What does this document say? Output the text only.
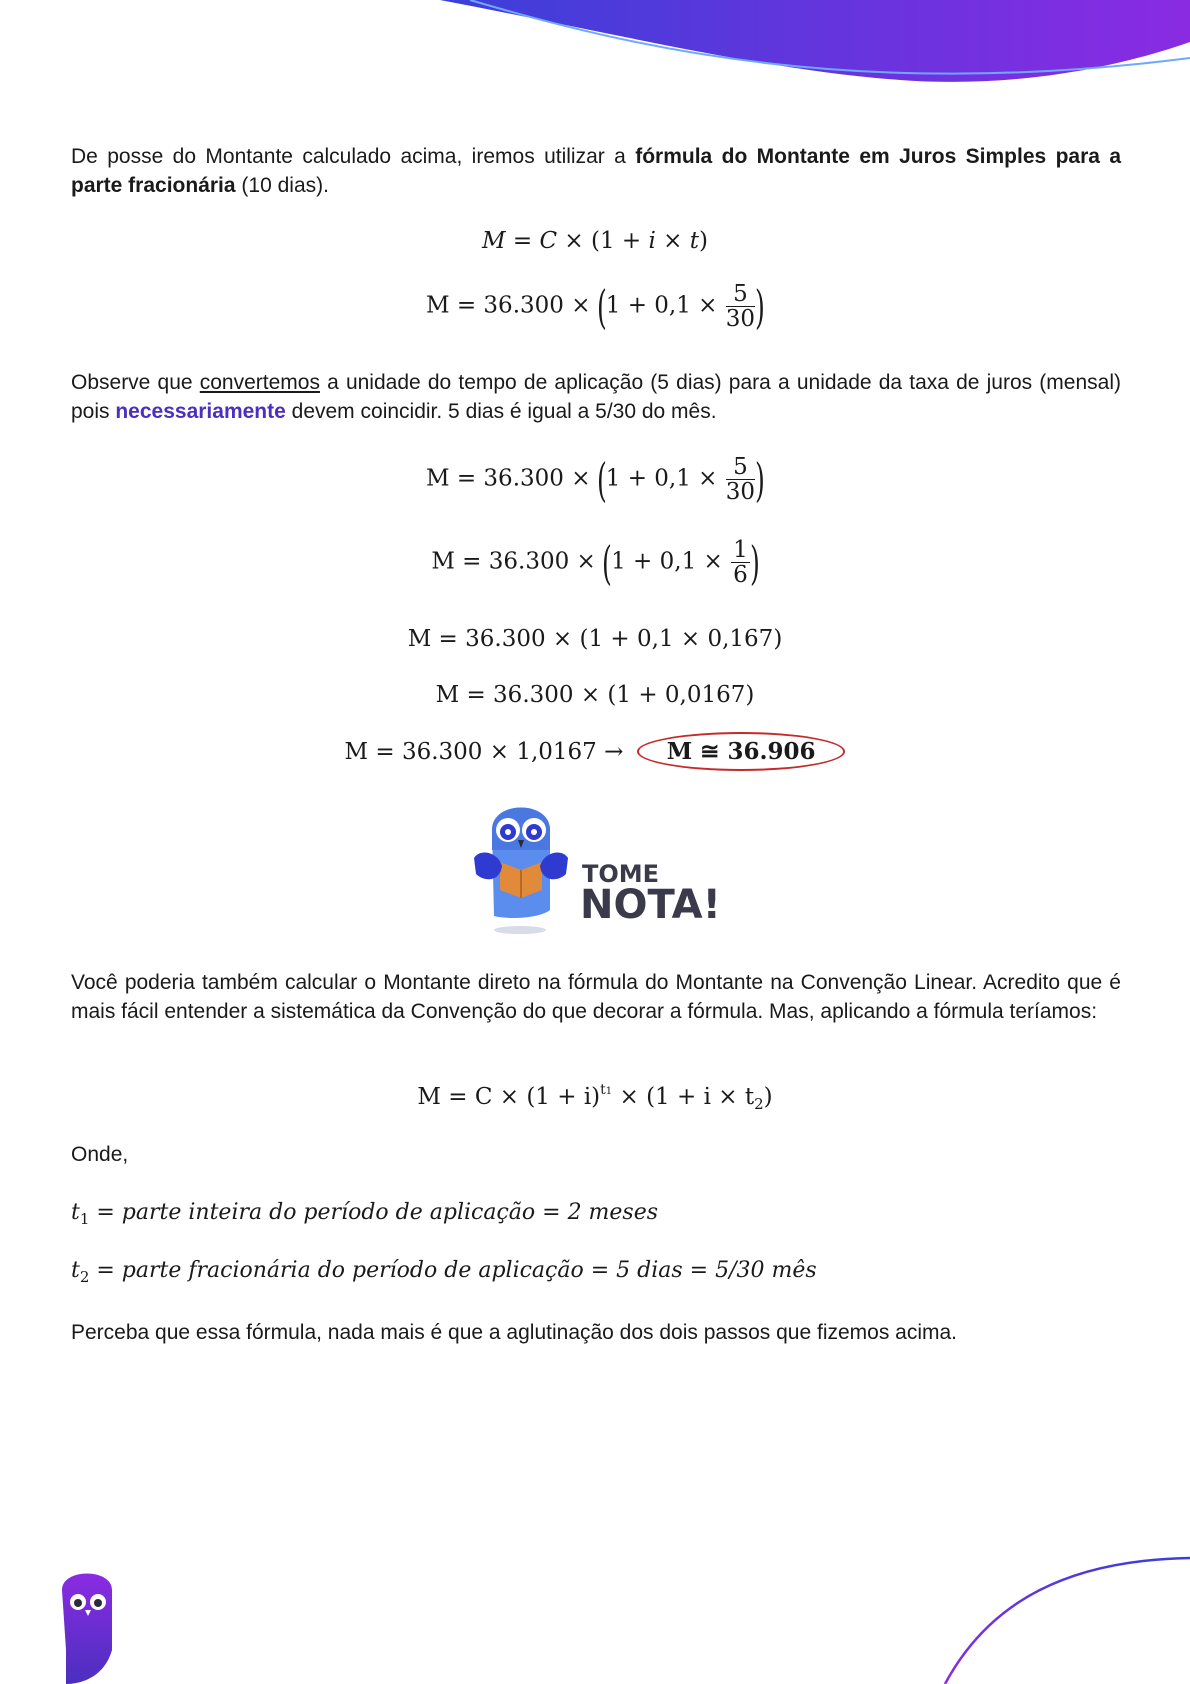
De posse do Montante calculado acima, iremos utilizar a fórmula do Montante em Juros Simples para a parte fracionária (10 dias).

M = C × (1 + i × t)
$M = 36.300 \times (1 + 0,1 \times \frac{5}{30}$ )

Observe que convertemos a unidade do tempo de aplicação (5 dias) para a unidade da taxa de juros (mensal) pois necessariamente devem coincidir. 5 dias é igual a 5/30 do mês.

$M = 36.300 \times (1 + 0,1 \times \frac{5}{30}$ )
$M = 36.300 \times (1 + 0,1 \times \frac{1}{6}$ )
M = 36.300 × (1 + 0,1 × 0,167)
M = 36.300 × (1 + 0,0167)
M = 36.300 × 1,0167 → M ≅ 36.906
TOME
NOTA!

Você poderia também calcular o Montante direto na fórmula do Montante na Convenção Linear. Acredito que é mais fácil entender a sistemática da Convenção do que decorar a fórmula. Mas, aplicando a fórmula teríamos:

$M = C \times (1 + i)^{t1} \times (1 + i \times t_2)$

Onde,

$t_1$ = parte inteira do período de aplicação = 2 meses
$t_2$ = parte fracionária do período de aplicação = 5 dias = 5/30 mês

Perceba que essa fórmula, nada mais é que a aglutinação dos dois passos que fizemos acima.
